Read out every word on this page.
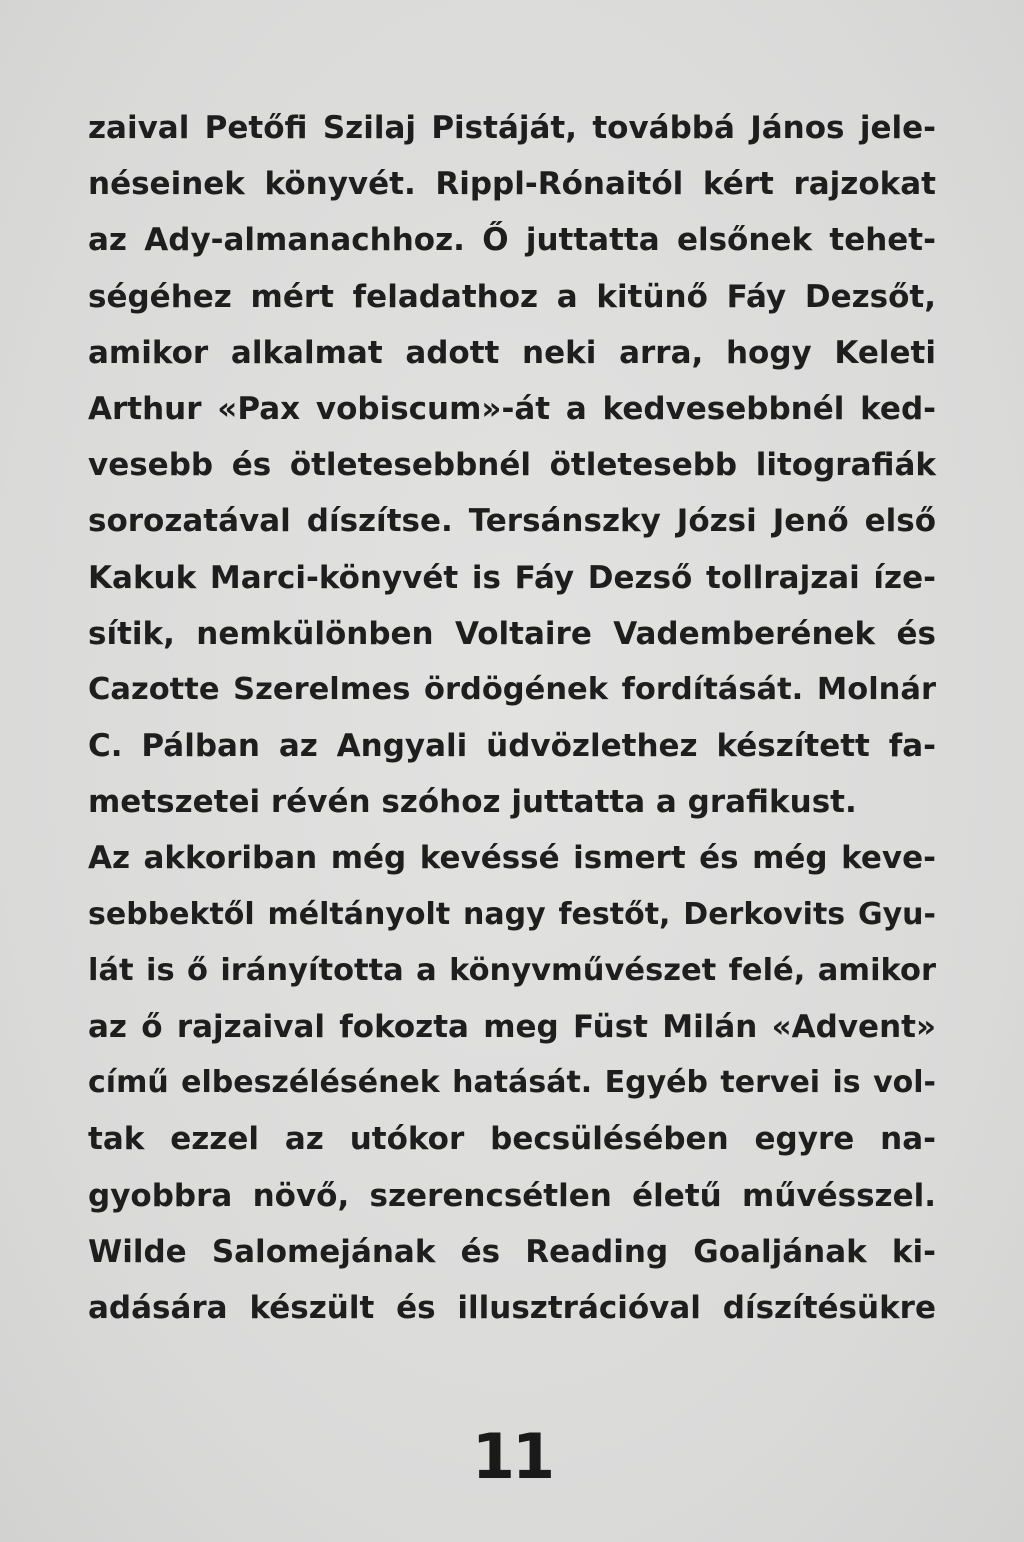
zaival Petőfi Szilaj Pistáját, továbbá János jele-
néseinek könyvét. Rippl-Rónaitól kért rajzokat
az Ady-almanachhoz. Ő juttatta elsőnek tehet-
ségéhez mért feladathoz a kitünő Fáy Dezsőt,
amikor alkalmat adott neki arra, hogy Keleti
Arthur «Pax vobiscum»-át a kedvesebbnél ked-
vesebb és ötletesebbnél ötletesebb litografiák
sorozatával díszítse. Tersánszky Józsi Jenő első
Kakuk Marci-könyvét is Fáy Dezső tollrajzai íze-
sítik, nemkülönben Voltaire Vademberének és
Cazotte Szerelmes ördögének fordítását. Molnár
C. Pálban az Angyali üdvözlethez készített fa-
metszetei révén szóhoz juttatta a grafikust.
Az akkoriban még kevéssé ismert és még keve-
sebbektől méltányolt nagy festőt, Derkovits Gyu-
lát is ő irányította a könyvművészet felé, amikor
az ő rajzaival fokozta meg Füst Milán «Advent»
című elbeszélésének hatását. Egyéb tervei is vol-
tak ezzel az utókor becsülésében egyre na-
gyobbra növő, szerencsétlen életű művésszel.
Wilde Salomejának és Reading Goaljának ki-
adására készült és illusztrációval díszítésükre
11
